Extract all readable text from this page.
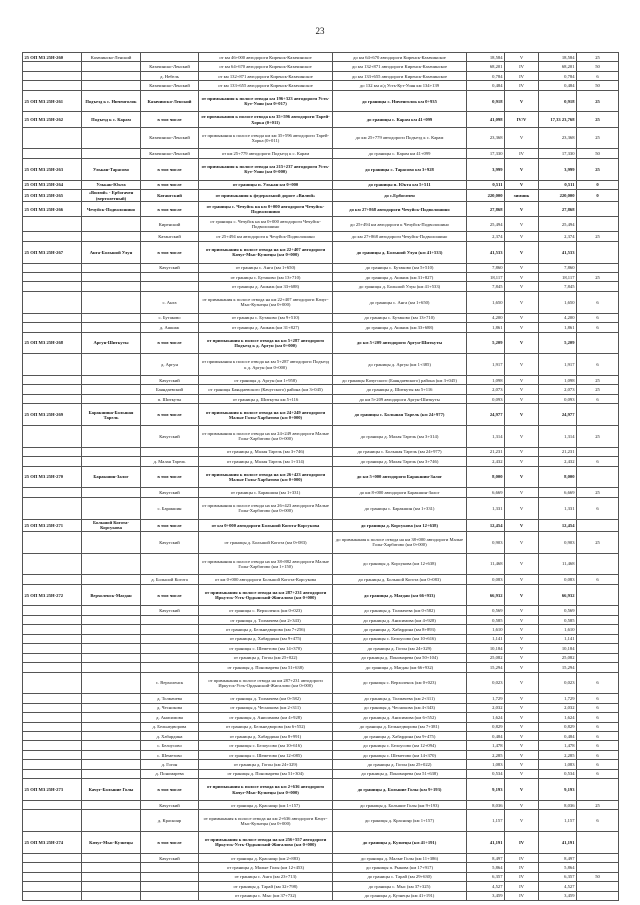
23
25 ОП МЗ 25Н-260	Казачинско-Ленский		от км 46+000 автодороги Киренск-Казачинское	до км 64+670 автодороги Киренск-Казачинское	18,584	V	18,584	25
		Казачинско-Ленский	от км 64+670 автодороги Киренск-Казачинское	до км 132+871 автодороги Киренск-Казачинское	68,201	IV	68,201	50
		д. Небель	от км 132+871 автодороги Киренск-Казачинское	до км 133+655 автодороги Киренск-Казачинское	0,784	IV	0,784	6
		Казачинско-Ленский	от км 133+655 автодороги Киренск-Казачинское	до 132 км а/д Усть-Кут-Уоян км 134+139	0,484	IV	0,484	50
25 ОП МЗ 25Н-261	Подъезд к с. Ниченголок	Казачинско-Ленский	от примыкания к полосе отвода км 196+323 автодороги Усть-Кут-Уоян (км 0+017)	до границы с. Ниченголок км 0+935	0,918	V	0,918	25
25 ОП МЗ 25Н-262	Подъезд к с. Карам	в том числе	от примыкания к полосе отвода км 35+596 автодороги Тарей-Хорка (0+011)	до границы с. Карам км 41+099	41,098	IV/V	17,33 23,768	25
		Казачинско-Ленский	от примыкания к полосе отвода км км 35+596 автодороги Тарей-Хорка (0+011)	до км 25+779 автодороги Подъезд к с. Карам	23,368	V	23,368	25
		Казачинско-Ленский	от км 25+779 автодороги Подъезд к с. Карам	до границы с. Карам км 41+099	17,330	IV	17,330	50
25 ОП МЗ 25Н-263	Улькан-Тарасово	в том числе	от примыкания к полосе отвода км 215+237 автодороги Усть-Кут-Уоян (км 0+000)	до границы с. Тарасово км 3+928	3,999	V	3,999	25
25 ОП МЗ 25Н-264	Улькан-Юкта	в том числе	от границы п. Улькан км 0+000	до границы п. Юкта км 5+511	0,511	V	0,511	0
25 ОП МЗ 25Н-265	«Вилюй» - Ербогачен (вертолетный)	Катангский	от примыкания к федеральной дороге «Вилюй»	до с.Ербогачен	220,000	зимник	220,000	0
25 ОП МЗ 25Н-266	Чечуйск-Подволошино	в том числе	от границы с. Чечуйск на км 0+000 автодороги Чечуйск-Подволошино	до км 27+868 автодороги Чечуйск-Подволошино	27,868	V	27,868	
		Киренский	от границы с. Чечуйск на км 0+000 автодороги Чечуйск-Подволошино	до 25+494 км автодороги к Чечуйск-Подволошино	25,494	V	25,494	
		Катангский	от 25+494 км автодороги к Чечуйск-Подволошино	до км 27+868 автодороги Чечуйск-Подволошино	2,374	V	2,374	25
25 ОП МЗ 25Н-267	Анга-Большой Улун	в том числе	от примыкания к полосе отвода на км 22+407 автодороги Качуг-Мыс-Кузнецы (км 0+000)	до границы д. Большой Улун (км 41+533)	41,533	V	41,533	
		Качугский	от границы с. Анга (км 1+650)	до границы с. Бутаково (км 5+510)	7,860	V	7,860	
			от границы с. Бутаково (км 13+710)	до границы д. Ашкиж (км 31+827)	18,117	V	18,117	25
			от границы д. Ашкиж (км 33+688)	до границы д. Большой Улун (км 41+533)	7,845	V	7,845	
		с. Анга	от примыкания к полосе отвода на км 22+407 автодороги Качуг-Мыс-Кузнецы (км 0+000)	до границы с. Анга (км 1+650)	1,650	V	1,650	6
		с. Бутаково	от границы с. Бутаково (км 9+510)	до границы с. Бутаково (км 13+710)	4,200	V	4,200	6
		д. Ашкиж	от границы д. Ашкиж (км 31+827)	до границы д. Ашкиж (км 33+688)	1,861	V	1,861	6
25 ОП МЗ 25Н-268	Аргун-Шиткуты	в том числе	от примыкания к полосе отвода на км 5+287 автодороги Подъезд к д. Аргун (км 0+000)	до км 5+209 автодороги Аргун-Шиткуты	5,209	V	5,209	
		д. Аргун	от примыкания к полосе отвода на км 5+287 автодороги Подъезд к д. Аргун (км 0+000)	до границы д. Аргун (км 1+385)	1,917	V	1,917	6
		Качугский	от границы д. Аргун (км 1+958)	до границы Качугского (Баяндаевского) района (км 3+045)	1,098	V	1,098	25
		Баяндаевский	от границы Баяндаевского (Качугского) района (км 3+045)	до границы д. Шиткуты км 5+116	2,073	V	2,073	25
		п. Шиткуты	от границы д. Шиткуты км 5+116	до км 5+209 автодороги Аргун-Шиткуты	0,093	V	0,093	6
25 ОП МЗ 25Н-269	Баракшина-Большая Тарель	в том числе	от примыкания к полосе отвода на км 24+249 автодороги Малые Голы-Харбатово (км 0+000)	до границы с. Большая Тарель (км 24+977)	24,977	V	24,977	
		Качугский	от примыкания к полосе отвода на км 24+249 автодороги Малые Голы-Харбатово (км 0+000)	до границы д. Малая Тарель (км 3+314)	1,314	V	1,314	25
			от границы д. Малая Тарель (км 3+746)	до границы с. Большая Тарель (км 24+977)	21,231	V	21,231	
		д. Малая Тарель	от границы д. Малая Тарель (км 1+314)	до границы д. Малая Тарель (км 3+746)	2,432	V	2,432	6
25 ОП МЗ 25Н-270	Баракшин-Залог	в том числе	от примыкания к полосе отвода на км 26+423 автодороги Малые Голы-Харбатово (км 0+000)	до км 5+000 автодороги Баракшин-Залог	8,000	V	8,000	
		Качугский	от границы с. Баракшин (км 1+331)	до км 8+000 автодороги Баракшин-Залог	6,669	V	6,669	25
		с. Баракшин	от примыкания к полосе отвода на км 26+423 автодороги Малые Голы-Харбатово (км 0+000)	до границы с. Баракшин (км 1+331)	1,331	V	1,331	6
25 ОП МЗ 25Н-271	Большой Когота-Корсукова	в том числе	от км 0+000 автодороги Большой Когота-Корсукова	до границы д. Корсукова (км 12+638)	12,454	V	12,454	
		Качугский	от границы д. Большой Когота (км 0+083)	до примыкания к полосе отвода на км 38+000 автодороги Малые Голы-Харбатово (км 0+000)	0,903	V	0,903	25
			от примыкания к полосе отвода на км 38+882 автодороги Малые Голы-Харбатово (км 1+150)	до границы д. Корсукова (км 12+638)	11,468	V	11,468	
		д. Большой Когота	от км 0+000 автодороги Большой Когота-Корсукова	до границы д. Большой Когота (км 0+083)	0,083	V	0,083	6
25 ОП МЗ 25Н-272	Верхоленск-Магдан	в том числе	от примыкания к полосе отвода на км 287+231 автодороги Иркутск-Усть-Ордынский-Жигалово (км 0+000)	до границы д. Магдан (км 66+933)	66,932	V	66,932	
		Качугский	от границы с. Верхоленск (км 0+023)	до границы д. Толмачева (км 0+582)	0,569	V	0,569	
			от границы д. Толмачева (км 2+343)	до границы д. Анисимова (км 4+928)	0,585	V	0,585	
			от границы д. Бельнедворова (км 7+256)	до границы д. Хабардина (км 8+893)	1,610	V	1,610	
			от границы д. Хабардина (км 9+475)	до границы с. Белоусово (км 10+616)	1,141	V	1,141	
			от границы с. Шеметово (км 14+370)	до границы д. Гогон (км 24+329)	10,184	V	10,184	
			от границы д. Гогон (км 25+022)	до границы д. Пономарева (км 50+104)	25,082	V	25,082	
			от границы д. Пономарева (км 51+638)	до границы д. Магдан (км 66+932)	15,294	V	15,294	
		с. Верхоленск	от примыкания к полосе отвода на км 287+231 автодороги Иркутск-Усть-Ордынский-Жигалово (км 0+000)	до границы с. Верхоленск (км 0+023)	0,023	V	0,023	6
		д. Толмачева	от границы д. Толмачева (км 0+582)	до границы д. Толмачева (км 2+311)	1,729	V	1,729	6
		д. Чеснокова	от границы д. Чеснокова (км 2+311)	до границы д. Чеснокова (км 4+343)	2,032	V	2,032	6
		д. Анисимова	от границы д. Анисимова (км 4+928)	до границы д. Анисимова (км 6+552)	1,624	V	1,624	6
		д. Бельнедворова	от границы д. Бельнедворова (км 6+552)	до границы д. Бельнедворова (км 7+381)	0,829	V	0,829	6
		д. Хабардина	от границы д. Хабардина (км 8+991)	до границы д. Хабардина (км 9+475)	0,484	V	0,484	6
		с. Белоусово	от границы с. Белоусово (км 10+616)	до границы с. Белоусово (км 12+094)	1,478	V	1,478	6
		с. Шеметово	от границы с. Шеметово (км 12+085)	до границы с. Шеметово (км 14+370)	2,285	V	2,285	6
		д. Гогон	от границы д. Гогон (км 24+329)	до границы д. Гогон (км 25+022)	1,083	V	1,083	6
		д. Пономарева	от границы д. Пономарева (км 51+304)	до границы д. Пономарева (км 51+638)	0,534	V	0,534	6
25 ОП МЗ 25Н-273	Качуг-Большие Голы	в том числе	от примыкания к полосе отвода на км 2+636 автодороги Качуг-Мыс-Кузнецы (км 0+000)	до границы д. Большие Голы (км 9+193)	9,193	V	9,193	
		Качугский	от границы д. Краснояр (км 1+157)	до границы д. Большие Голы (км 9+193)	8,036	V	8,036	25
		д. Краснояр	от примыкания к полосе отвода на км 2+636 автодороги Качуг-Мыс-Кузнецы (км 0+000)	до границы д. Краснояр (км 1+157)	1,157	V	1,157	6
25 ОП МЗ 25Н-274	Качуг-Мыс-Кузнецы	в том числе	от примыкания к полосе отвода на км 256+557 автодороги Иркутск-Усть-Ордынский-Жигалово (км 0+000)	до границы д. Кузнецы (км 41+191)	41,191	IV	41,191	
		Качугский	от границы д. Краснояр (км 2+883)	до границы д. Малые Голы (км 11+386)	8,497	IV	8,497	
			от границы д. Малые Голы (км 12+453)	до границы п. Рыкова (км 17+917)	5,864	IV	5,864	
			от границы с. Анга (км 23+713)	до границы с. Тарай (км 29+630)	6,357	IV	6,357	50
			от границы д. Тарай (км 32+798)	до границы с. Мыс (км 37+325)	4,527	IV	4,527	
			от границы с. Мыс (км 37+732)	до границы д. Кузнецы (км 41+191)	3,459	IV	3,459	
